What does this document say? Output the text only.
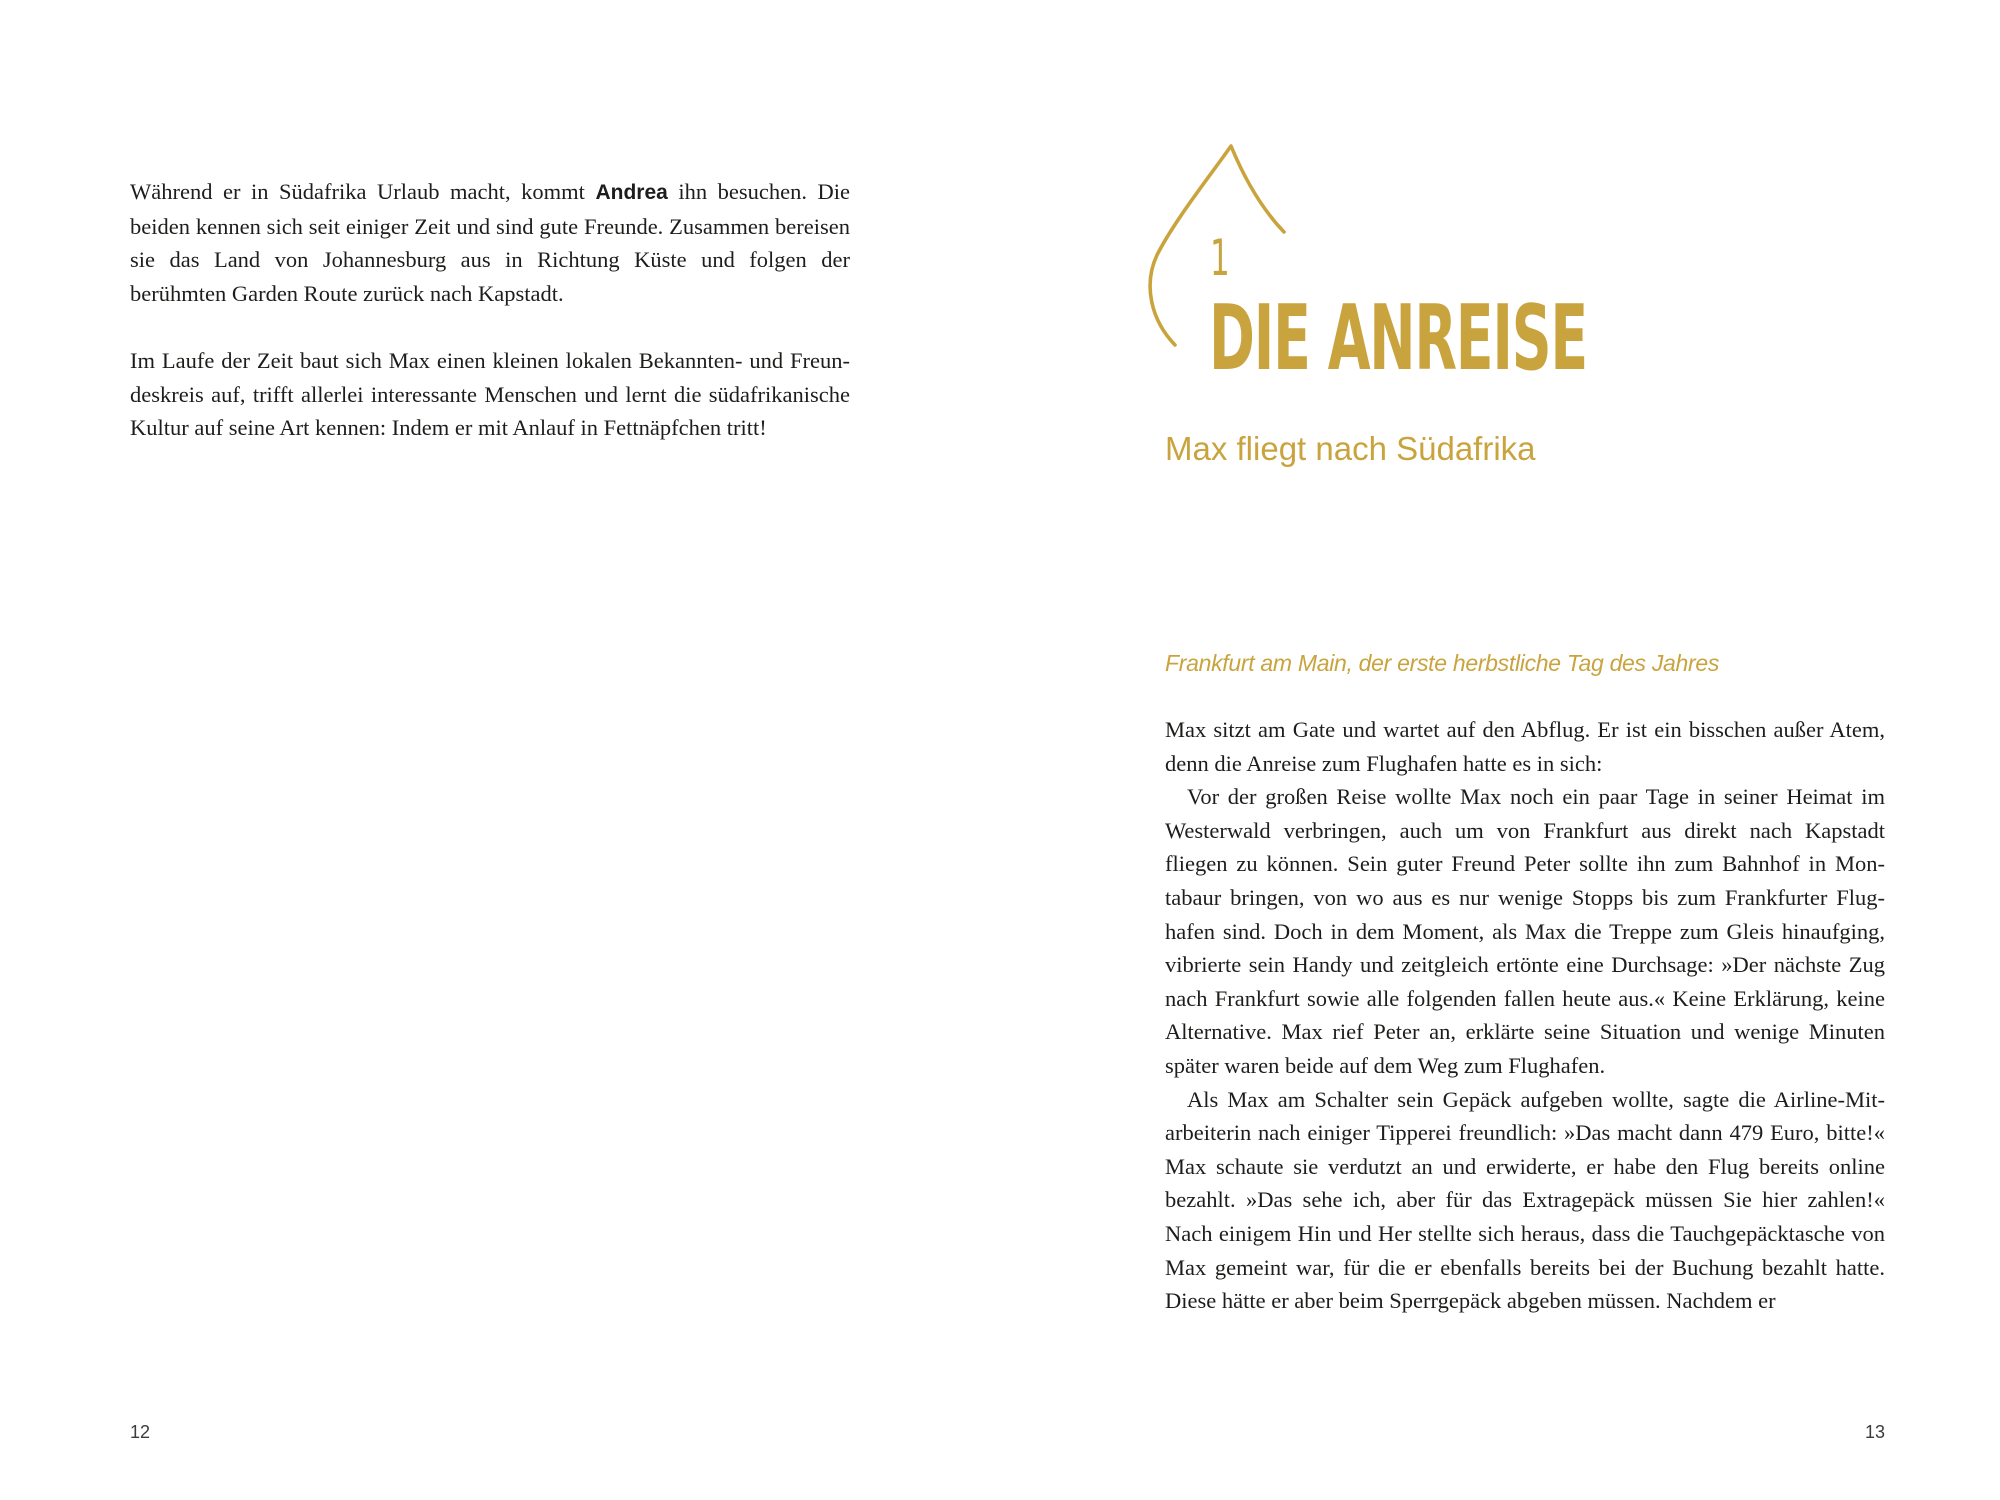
Während er in Südafrika Urlaub macht, kommt Andrea ihn besuchen. Die beiden kennen sich seit einiger Zeit und sind gute Freunde. Zusammen bereisen sie das Land von Johannesburg aus in Richtung Küste und folgen der berühmten Garden Route zurück nach Kapstadt.

Im Laufe der Zeit baut sich Max einen kleinen lokalen Bekannten- und Freundeskreis auf, trifft allerlei interessante Menschen und lernt die südafrikanische Kultur auf seine Art kennen: Indem er mit Anlauf in Fettnäpfchen tritt!

12
1
DIE ANREISE
Max fliegt nach Südafrika
Frankfurt am Main, der erste herbstliche Tag des Jahres

Max sitzt am Gate und wartet auf den Abflug. Er ist ein bisschen außer Atem, denn die Anreise zum Flughafen hatte es in sich:

Vor der großen Reise wollte Max noch ein paar Tage in seiner Heimat im Westerwald verbringen, auch um von Frankfurt aus direkt nach Kapstadt fliegen zu können. Sein guter Freund Peter sollte ihn zum Bahnhof in Montabaur bringen, von wo aus es nur wenige Stopps bis zum Frankfurter Flughafen sind. Doch in dem Moment, als Max die Treppe zum Gleis hinaufging, vibrierte sein Handy und zeitgleich ertönte eine Durchsage: »Der nächste Zug nach Frankfurt sowie alle folgenden fallen heute aus.« Keine Erklärung, keine Alternative. Max rief Peter an, erklärte seine Situation und wenige Minuten später waren beide auf dem Weg zum Flughafen.

Als Max am Schalter sein Gepäck aufgeben wollte, sagte die Airline-Mitarbeiterin nach einiger Tipperei freundlich: »Das macht dann 479 Euro, bitte!« Max schaute sie verdutzt an und erwiderte, er habe den Flug bereits online bezahlt. »Das sehe ich, aber für das Extragepäck müssen Sie hier zahlen!« Nach einigem Hin und Her stellte sich heraus, dass die Tauchgepäcktasche von Max gemeint war, für die er ebenfalls bereits bei der Buchung bezahlt hatte. Diese hätte er aber beim Sperrgepäck abgeben müssen. Nachdem er

13
